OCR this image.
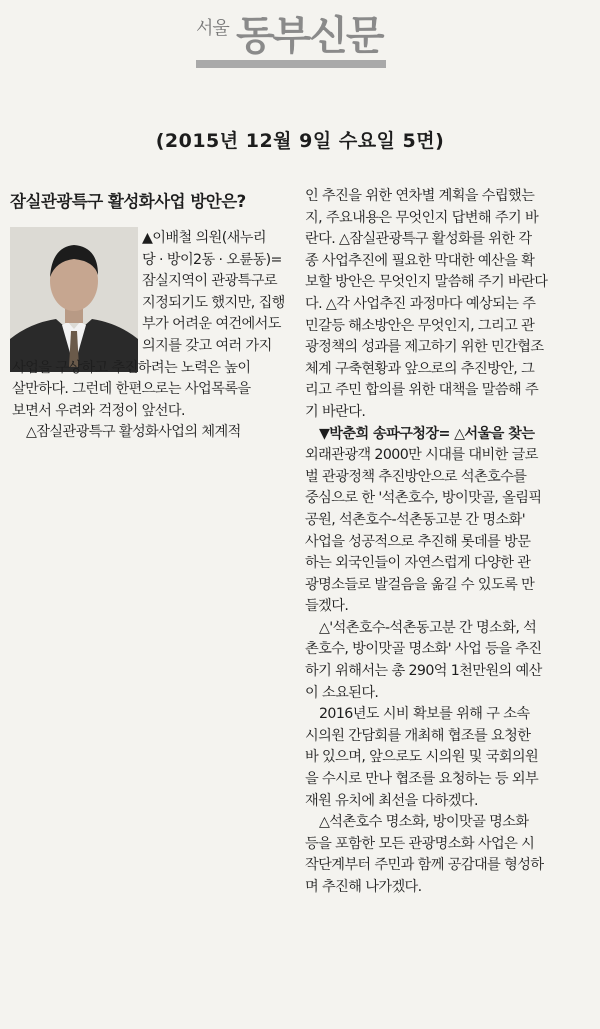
서울 동부신문
(2015년 12월 9일 수요일 5면)
잠실관광특구 활성화사업 방안은?

▲이배철 의원(새누리

당 · 방이2동 · 오륜동)=

잠실지역이 관광특구로

지정되기도 했지만, 집행

부가 어려운 여건에서도

의지를 갖고 여러 가지

사업을 구상하고 추진하려는 노력은 높이

살만하다. 그런데 한편으로는 사업목록을

보면서 우려와 걱정이 앞선다.

△잠실관광특구 활성화사업의 체계적

인 추진을 위한 연차별 계획을 수립했는

지, 주요내용은 무엇인지 답변해 주기 바

란다. △잠실관광특구 활성화를 위한 각

종 사업추진에 필요한 막대한 예산을 확

보할 방안은 무엇인지 말씀해 주기 바란다

다. △각 사업추진 과정마다 예상되는 주

민갈등 해소방안은 무엇인지, 그리고 관

광정책의 성과를 제고하기 위한 민간협조

체계 구축현황과 앞으로의 추진방안, 그

리고 주민 합의를 위한 대책을 말씀해 주

기 바란다.

▼박춘희 송파구청장= △서울을 찾는

외래관광객 2000만 시대를 대비한 글로

벌 관광정책 추진방안으로 석촌호수를

중심으로 한 '석촌호수, 방이맛골, 올림픽

공원, 석촌호수-석촌동고분 간 명소화'

사업을 성공적으로 추진해 롯데를 방문

하는 외국인들이 자연스럽게 다양한 관

광명소들로 발걸음을 옮길 수 있도록 만

들겠다.

△'석촌호수-석촌동고분 간 명소화, 석

촌호수, 방이맛골 명소화' 사업 등을 추진

하기 위해서는 총 290억 1천만원의 예산

이 소요된다.

2016년도 시비 확보를 위해 구 소속

시의원 간담회를 개최해 협조를 요청한

바 있으며, 앞으로도 시의원 및 국회의원

을 수시로 만나 협조를 요청하는 등 외부

재원 유치에 최선을 다하겠다.

△석촌호수 명소화, 방이맛골 명소화

등을 포함한 모든 관광명소화 사업은 시

작단계부터 주민과 함께 공감대를 형성하

며 추진해 나가겠다.
